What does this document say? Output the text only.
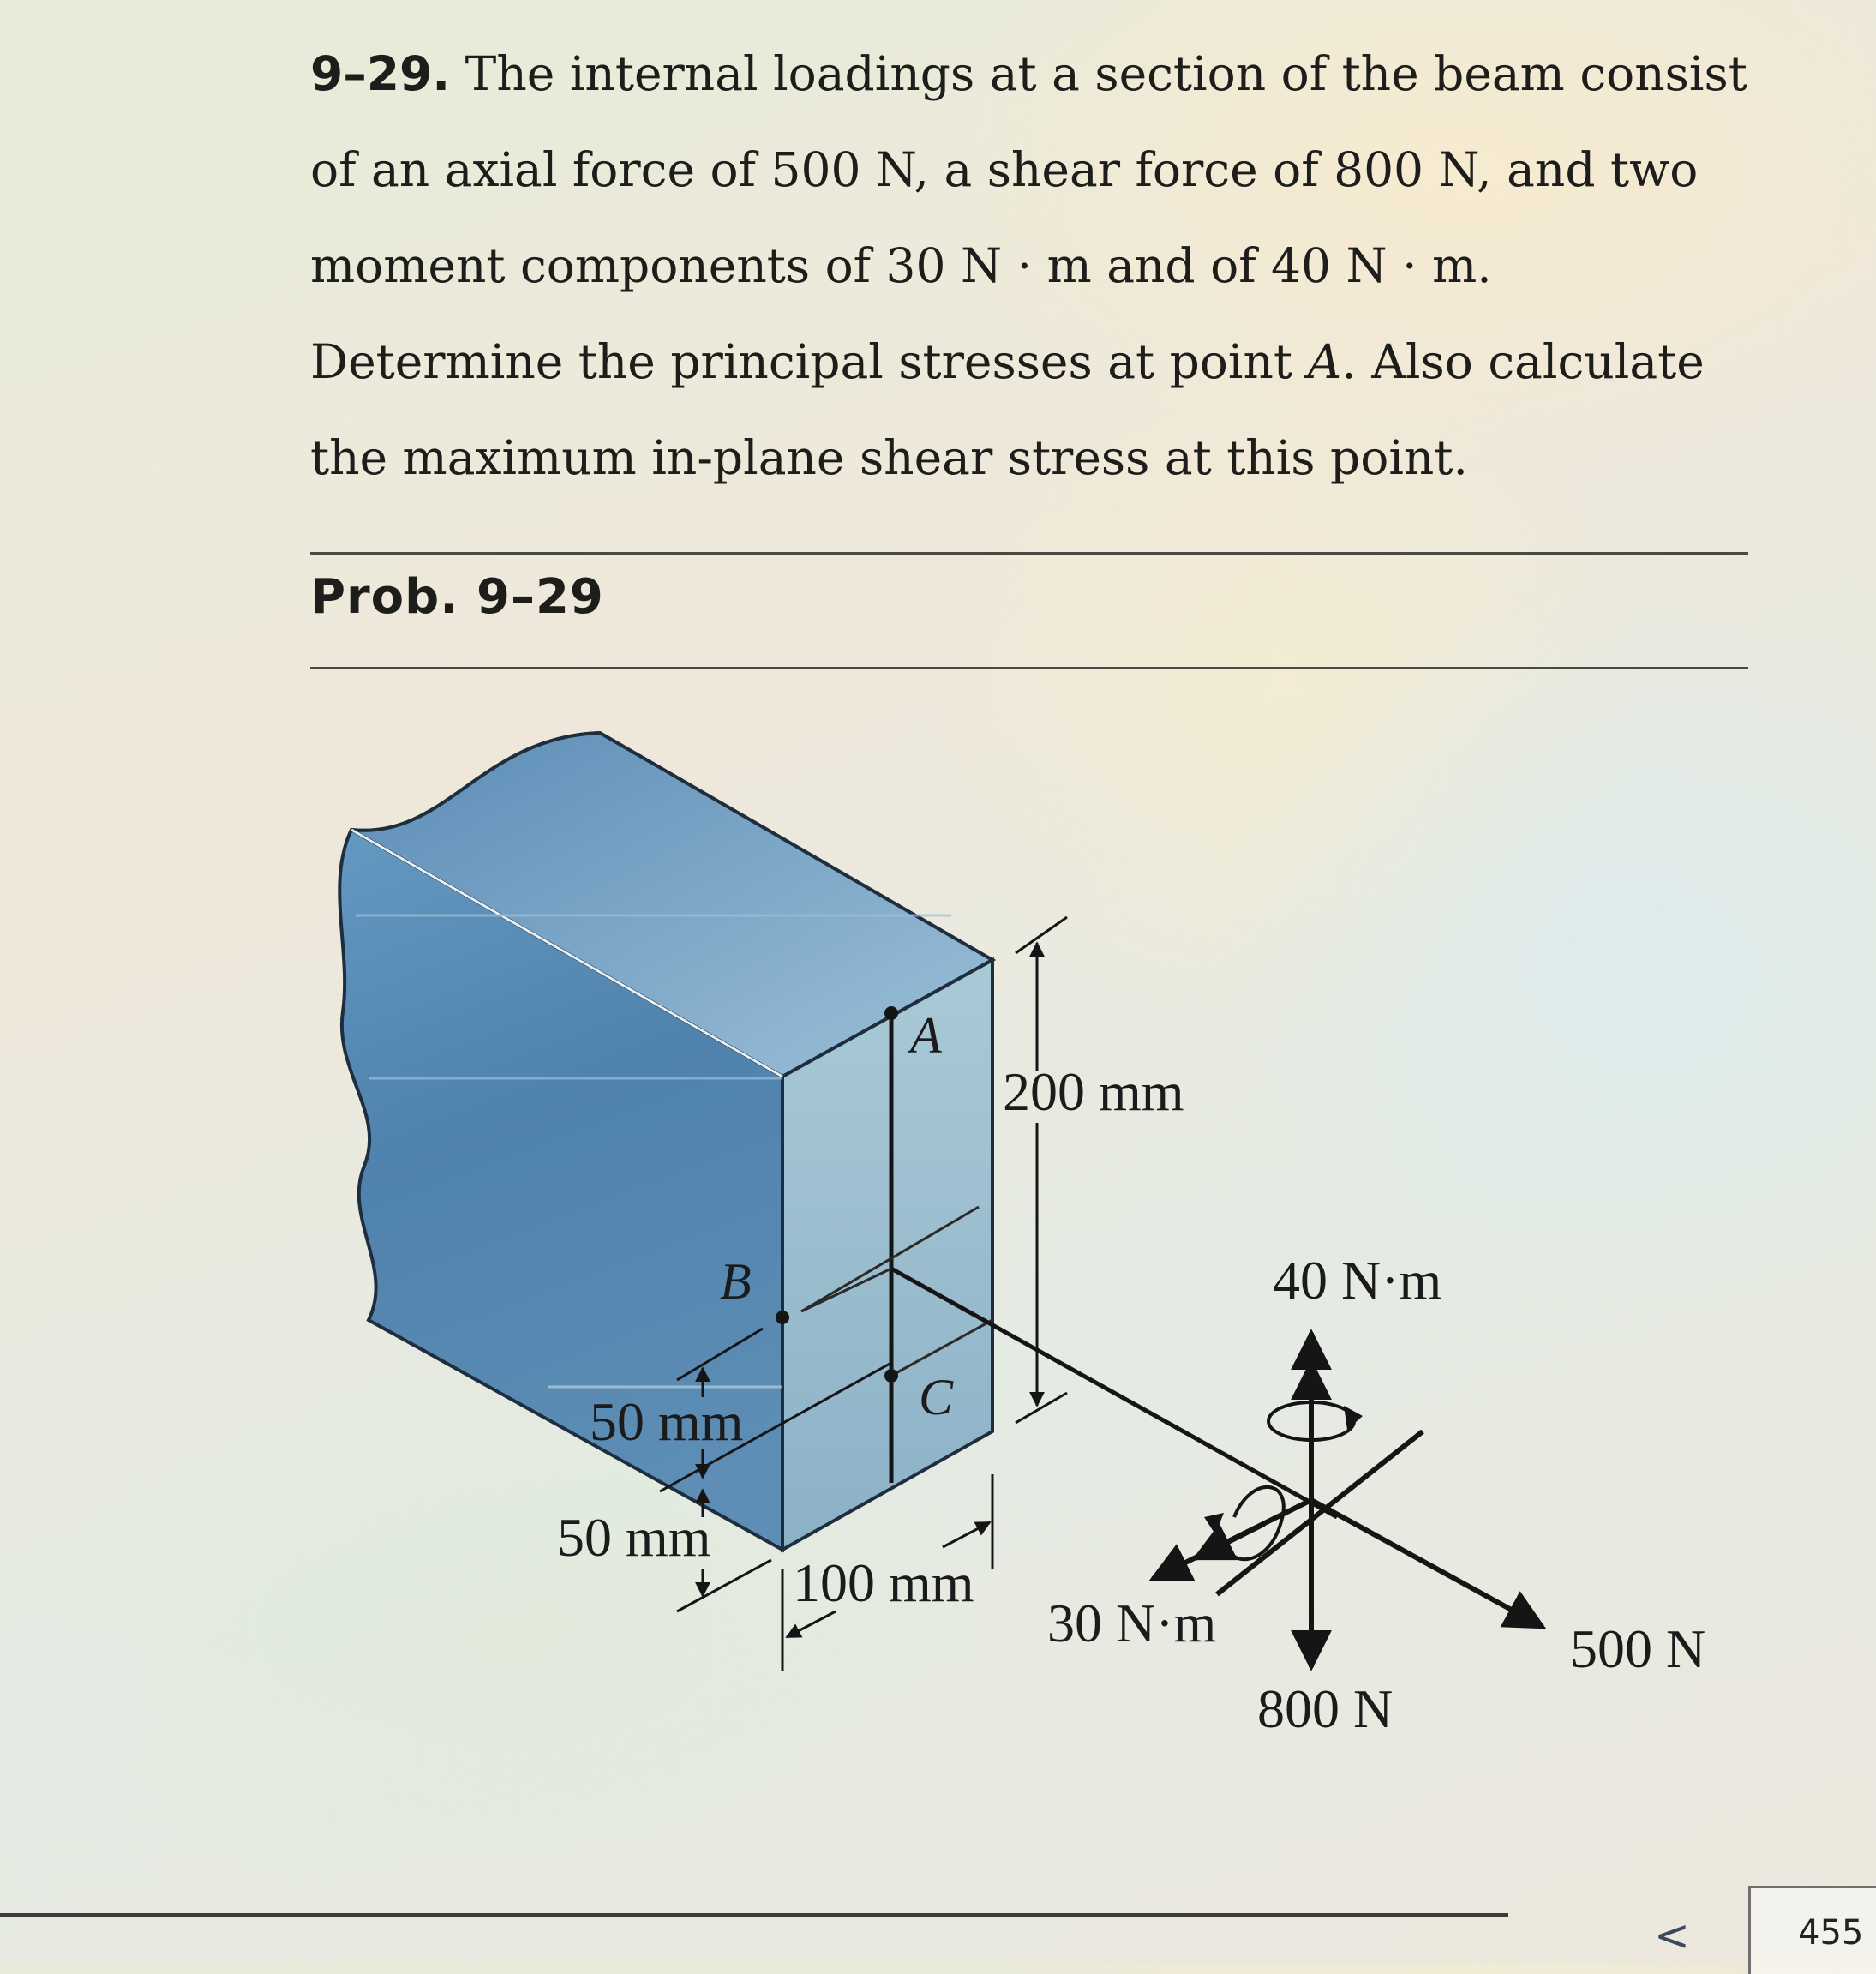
9–29. The internal loadings at a section of the beam consist of an axial force of 500 N, a shear force of 800 N, and two moment components of 30 N · m and of 40 N · m. Determine the principal stresses at point A. Also calculate the maximum in-plane shear stress at this point.

Prob. 9–29
A
B
C
200 mm
50 mm
50 mm
100 mm
40 N·m
30 N·m
800 N
500 N
<	455
